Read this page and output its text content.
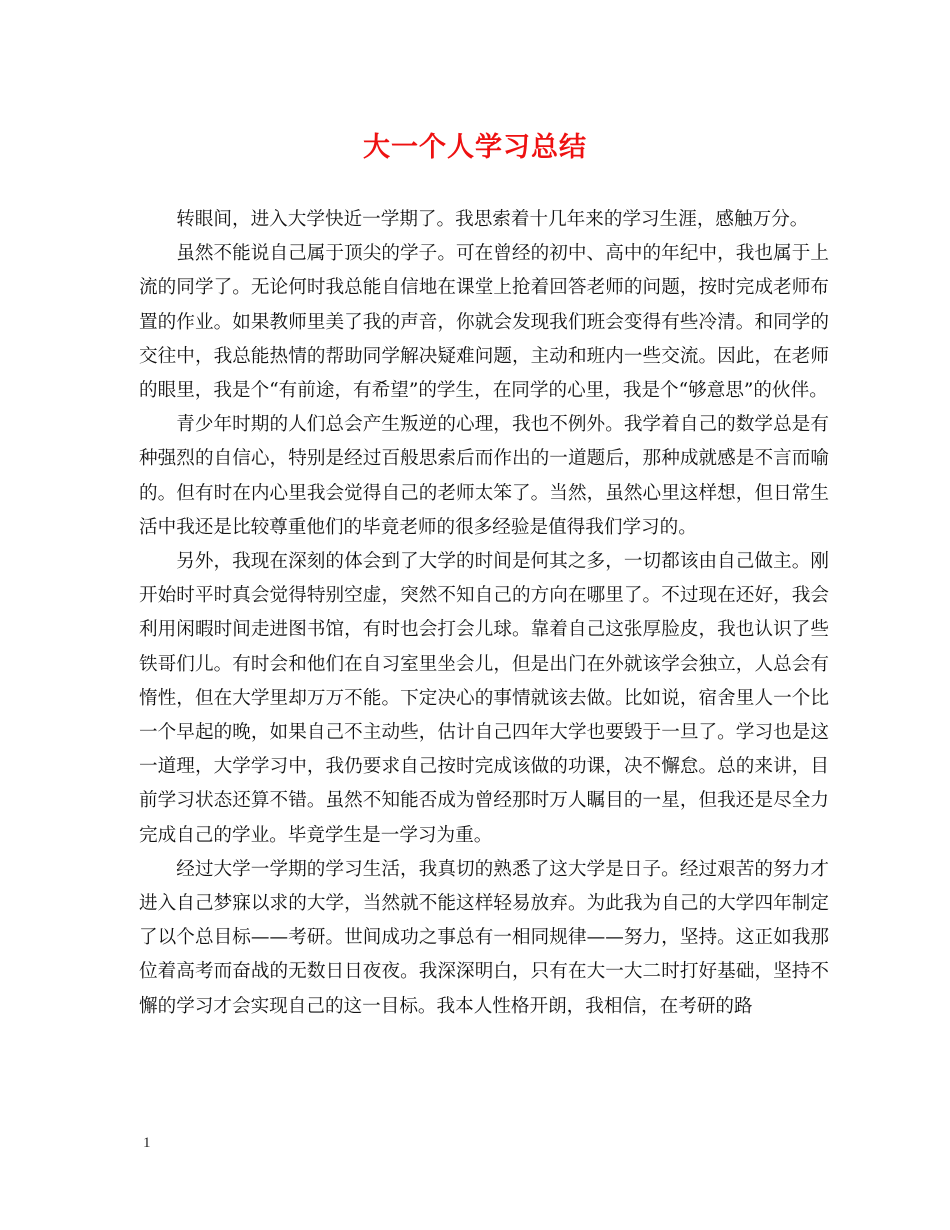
大一个人学习总结

转眼间，进入大学快近一学期了。我思索着十几年来的学习生涯，感触万分。

虽然不能说自己属于顶尖的学子。可在曾经的初中、高中的年纪中，我也属于上流的同学了。无论何时我总能自信地在课堂上抢着回答老师的问题，按时完成老师布置的作业。如果教师里美了我的声音，你就会发现我们班会变得有些冷清。和同学的交往中，我总能热情的帮助同学解决疑难问题，主动和班内一些交流。因此，在老师的眼里，我是个“有前途，有希望”的学生，在同学的心里，我是个“够意思”的伙伴。

青少年时期的人们总会产生叛逆的心理，我也不例外。我学着自己的数学总是有种强烈的自信心，特别是经过百般思索后而作出的一道题后，那种成就感是不言而喻的。但有时在内心里我会觉得自己的老师太笨了。当然，虽然心里这样想，但日常生活中我还是比较尊重他们的毕竟老师的很多经验是值得我们学习的。

另外，我现在深刻的体会到了大学的时间是何其之多，一切都该由自己做主。刚开始时平时真会觉得特别空虚，突然不知自己的方向在哪里了。不过现在还好，我会利用闲暇时间走进图书馆，有时也会打会儿球。靠着自己这张厚脸皮，我也认识了些铁哥们儿。有时会和他们在自习室里坐会儿，但是出门在外就该学会独立，人总会有惰性，但在大学里却万万不能。下定决心的事情就该去做。比如说，宿舍里人一个比一个早起的晚，如果自己不主动些，估计自己四年大学也要毁于一旦了。学习也是这一道理，大学学习中，我仍要求自己按时完成该做的功课，决不懈怠。总的来讲，目前学习状态还算不错。虽然不知能否成为曾经那时万人瞩目的一星，但我还是尽全力完成自己的学业。毕竟学生是一学习为重。

经过大学一学期的学习生活，我真切的熟悉了这大学是日子。经过艰苦的努力才进入自己梦寐以求的大学，当然就不能这样轻易放弃。为此我为自己的大学四年制定了以个总目标——考研。世间成功之事总有一相同规律——努力，坚持。这正如我那位着高考而奋战的无数日日夜夜。我深深明白，只有在大一大二时打好基础，坚持不懈的学习才会实现自己的这一目标。我本人性格开朗，我相信，在考研的路

1
